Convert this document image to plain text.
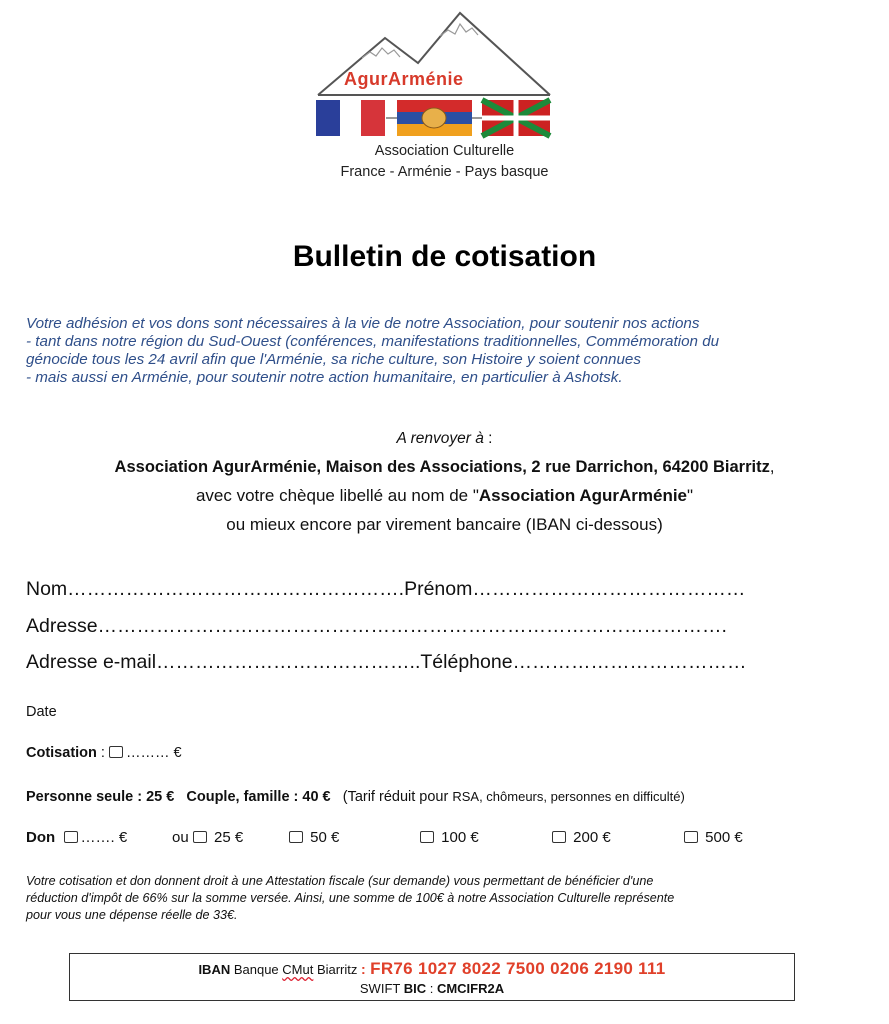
AgurArménie
Association Culturelle
France - Arménie - Pays basque
Bulletin de cotisation
Votre adhésion et vos dons sont nécessaires à la vie de notre Association, pour soutenir nos actions
- tant dans notre région du Sud-Ouest (conférences, manifestations traditionnelles, Commémoration du
génocide tous les 24 avril afin que l'Arménie, sa riche culture, son Histoire y soient connues
- mais aussi en Arménie, pour soutenir notre action humanitaire, en particulier à Ashotsk.
A renvoyer à :
Association AgurArménie, Maison des Associations, 2 rue Darrichon, 64200 Biarritz,
avec votre chèque libellé au nom de "Association AgurArménie"
ou mieux encore par virement bancaire (IBAN ci-dessous)
Nom…………………………………………….Prénom……………………………………
Adresse…………………………………………………………………………………….
Adresse e-mail…………………………………..Téléphone………………………………
Date
Cotisation : ……… €
Personne seule : 25 € Couple, famille : 40 € (Tarif réduit pour RSA, chômeurs, personnes en difficulté)
Don ……. €	ou 25 €	50 €	100 €	200 €	500 €
Votre cotisation et don donnent droit à une Attestation fiscale (sur demande) vous permettant de bénéficier d'une
réduction d'impôt de 66% sur la somme versée. Ainsi, une somme de 100€ à notre Association Culturelle représente
pour vous une dépense réelle de 33€.
IBAN Banque CMut Biarritz : FR76 1027 8022 7500 0206 2190 111
SWIFT BIC : CMCIFR2A
